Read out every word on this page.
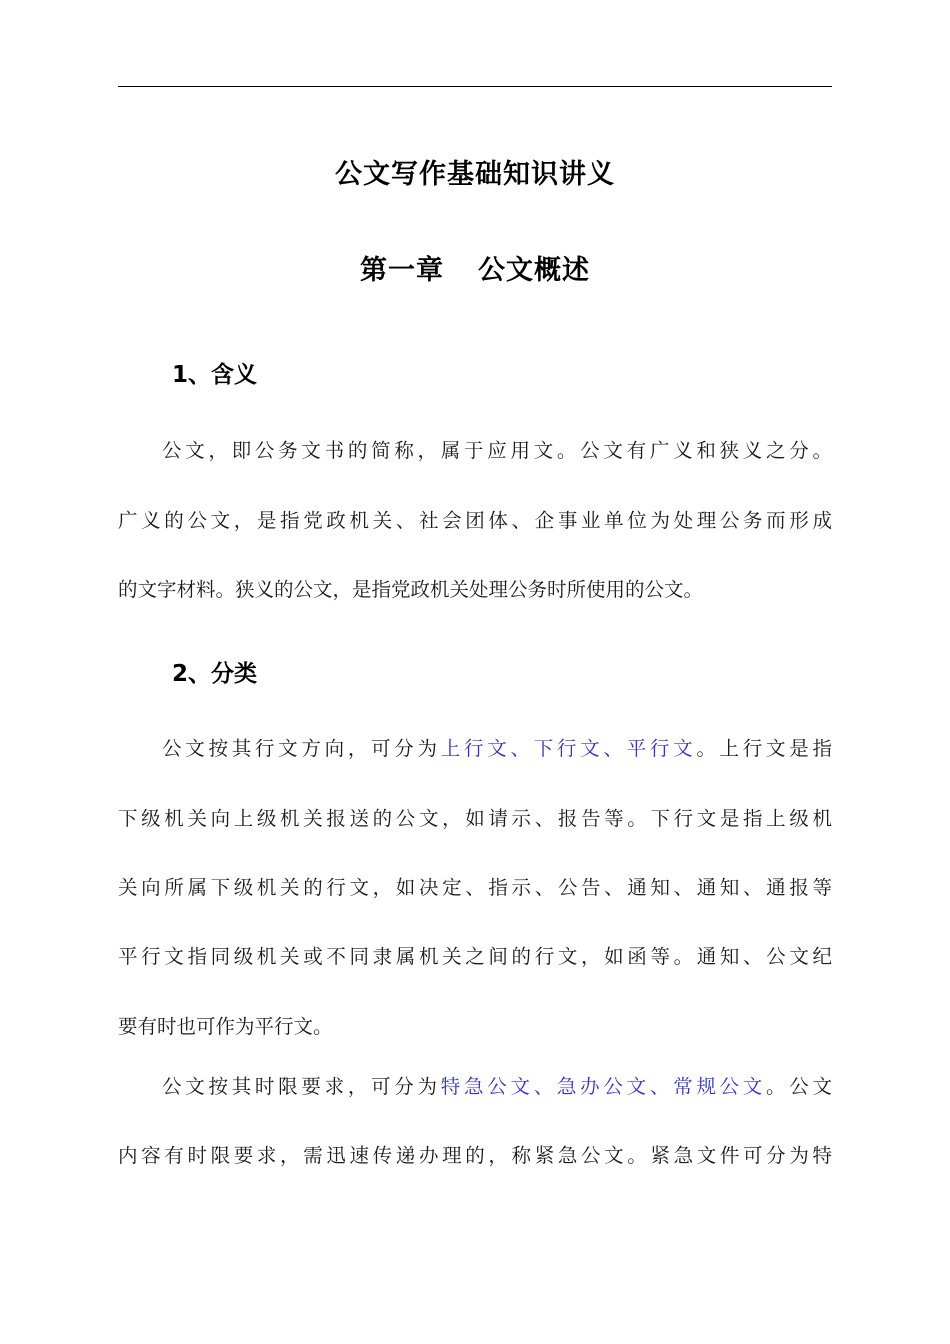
公文写作基础知识讲义
第一章 公文概述
1、含义
公文，即公务文书的简称，属于应用文。公文有广义和狭义之分。
广义的公文，是指党政机关、社会团体、企事业单位为处理公务而形成
的文字材料。狭义的公文，是指党政机关处理公务时所使用的公文。
2、分类
公文按其行文方向，可分为上行文、下行文、平行文。上行文是指
下级机关向上级机关报送的公文，如请示、报告等。下行文是指上级机
关向所属下级机关的行文，如决定、指示、公告、通知、通知、通报等
平行文指同级机关或不同隶属机关之间的行文，如函等。通知、公文纪
要有时也可作为平行文。
公文按其时限要求，可分为特急公文、急办公文、常规公文。公文
内容有时限要求，需迅速传递办理的，称紧急公文。紧急文件可分为特
